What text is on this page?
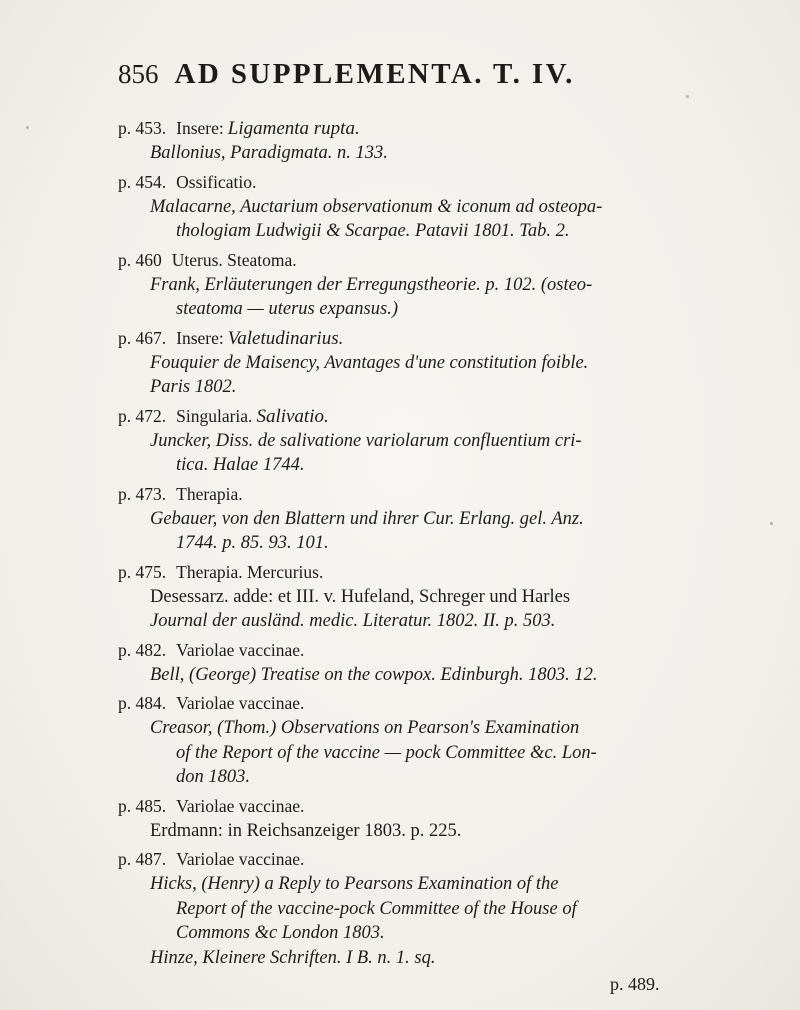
856 AD SUPPLEMENTA. T. IV.
p. 453. Insere: Ligamenta rupta.
Ballonius, Paradigmata. n. 133.
p. 454. Ossificatio.
Malacarne, Auctarium observationum & iconum ad osteopa-
thologiam Ludwigii & Scarpae. Patavii 1801. Tab. 2.
p. 460 Uterus. Steatoma.
Frank, Erläuterungen der Erregungstheorie. p. 102. (osteo-
steatoma — uterus expansus.)
p. 467. Insere: Valetudinarius.
Fouquier de Maisency, Avantages d'une constitution foible.
Paris 1802.
p. 472. Singularia. Salivatio.
Juncker, Diss. de salivatione variolarum confluentium cri-
tica. Halae 1744.
p. 473. Therapia.
Gebauer, von den Blattern und ihrer Cur. Erlang. gel. Anz.
1744. p. 85. 93. 101.
p. 475. Therapia. Mercurius.
Desessarz. adde: et III. v. Hufeland, Schreger und Harles
Journal der ausländ. medic. Literatur. 1802. II. p. 503.
p. 482. Variolae vaccinae.
Bell, (George) Treatise on the cowpox. Edinburgh. 1803. 12.
p. 484. Variolae vaccinae.
Creasor, (Thom.) Observations on Pearson's Examination
of the Report of the vaccine — pock Committee &c. Lon-
don 1803.
p. 485. Variolae vaccinae.
Erdmann: in Reichsanzeiger 1803. p. 225.
p. 487. Variolae vaccinae.
Hicks, (Henry) a Reply to Pearsons Examination of the
Report of the vaccine-pock Committee of the House of
Commons &c London 1803.
Hinze, Kleinere Schriften. I B. n. 1. sq.
p. 489.
